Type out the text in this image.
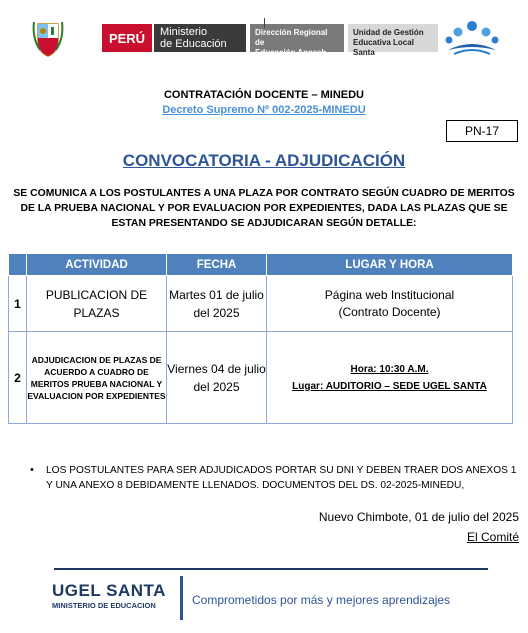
PERÚ	Ministerio
de Educación
Dirección Regional de
Educación Ancash
Unidad de Gestión
Educativa Local Santa
CONTRATACIÓN DOCENTE – MINEDU
Decreto Supremo Nº 002-2025-MINEDU
PN-17
CONVOCATORIA - ADJUDICACIÓN
SE COMUNICA A LOS POSTULANTES A UNA PLAZA POR CONTRATO SEGÚN CUADRO DE MERITOS DE LA PRUEBA NACIONAL Y POR EVALUACION POR EXPEDIENTES, DADA LAS PLAZAS QUE SE ESTAN PRESENTANDO SE ADJUDICARAN SEGÚN DETALLE:
	ACTIVIDAD	FECHA	LUGAR Y HORA
1	PUBLICACION DE PLAZAS	Martes 01 de julio del 2025	Página web Institucional
(Contrato Docente)

2	ADJUDICACION DE PLAZAS DE ACUERDO A CUADRO DE MERITOS PRUEBA NACIONAL Y EVALUACION POR EXPEDIENTES	Viernes 04 de julio del 2025	Hora: 10:30 A.M.
Lugar: AUDITORIO – SEDE UGEL SANTA
• LOS POSTULANTES PARA SER ADJUDICADOS PORTAR SU DNI Y DEBEN TRAER DOS ANEXOS 1 Y UNA ANEXO 8 DEBIDAMENTE LLENADOS. DOCUMENTOS DEL DS. 02-2025-MINEDU,
Nuevo Chimbote, 01 de julio del 2025
El Comité
UGEL SANTA
MINISTERIO DE EDUCACION	Comprometidos por más y mejores aprendizajes
